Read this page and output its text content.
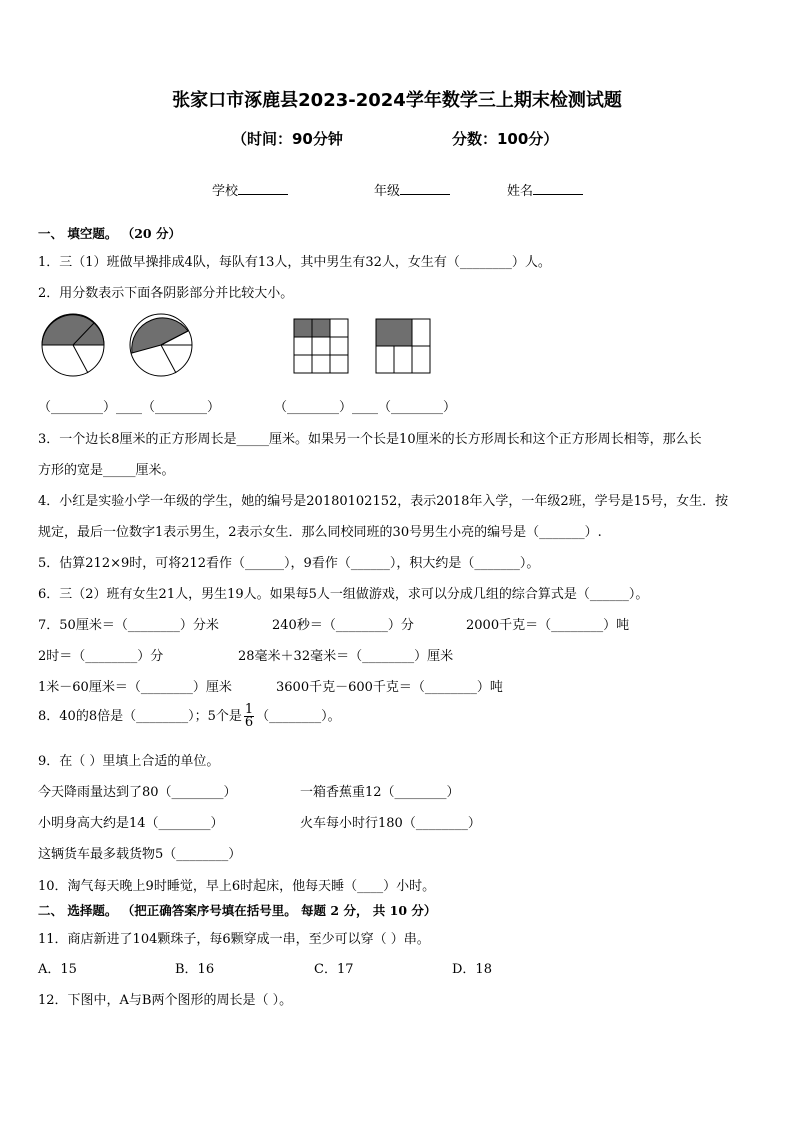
张家口市涿鹿县2023-2024学年数学三上期末检测试题
（时间：90分钟	分数：100分）
学校	年级	姓名
一、 填空题。 （20 分）
1．三（1）班做早操排成4队，每队有13人，其中男生有32人，女生有（________）人。
2．用分数表示下面各阴影部分并比较大小。
（________）____（________）	（________）____（________）
3．一个边长8厘米的正方形周长是_____厘米。如果另一个长是10厘米的长方形周长和这个正方形周长相等，那么长
方形的宽是_____厘米。
4．小红是实验小学一年级的学生，她的编号是20180102152，表示2018年入学，一年级2班，学号是15号，女生．按
规定，最后一位数字1表示男生，2表示女生．那么同校同班的30号男生小亮的编号是（_______）.
5．估算212×9时，可将212看作（______），9看作（______），积大约是（_______）。
6．三（2）班有女生21人，男生19人。如果每5人一组做游戏，求可以分成几组的综合算式是（______）。
7．50厘米＝（________）分米	240秒＝（________）分	2000千克＝（________）吨
2时＝（________）分	28毫米＋32毫米＝（________）厘米
1米－60厘米＝（________）厘米	3600千克－600千克＝（________）吨
8．40的8倍是（________）；5个是 $\frac{1}{6}$ （________）。
9．在（ ）里填上合适的单位。
今天降雨量达到了80（________）	一箱香蕉重12（________）
小明身高大约是14（________）	火车每小时行180（________）
这辆货车最多载货物5（________）
10．淘气每天晚上9时睡觉，早上6时起床，他每天睡（____）小时。
二、 选择题。 （把正确答案序号填在括号里。 每题 2 分， 共 10 分）
11．商店新进了104颗珠子，每6颗穿成一串，至少可以穿（ ）串。
A．15	B．16	C．17	D．18
12．下图中，A与B两个图形的周长是（ ）。
